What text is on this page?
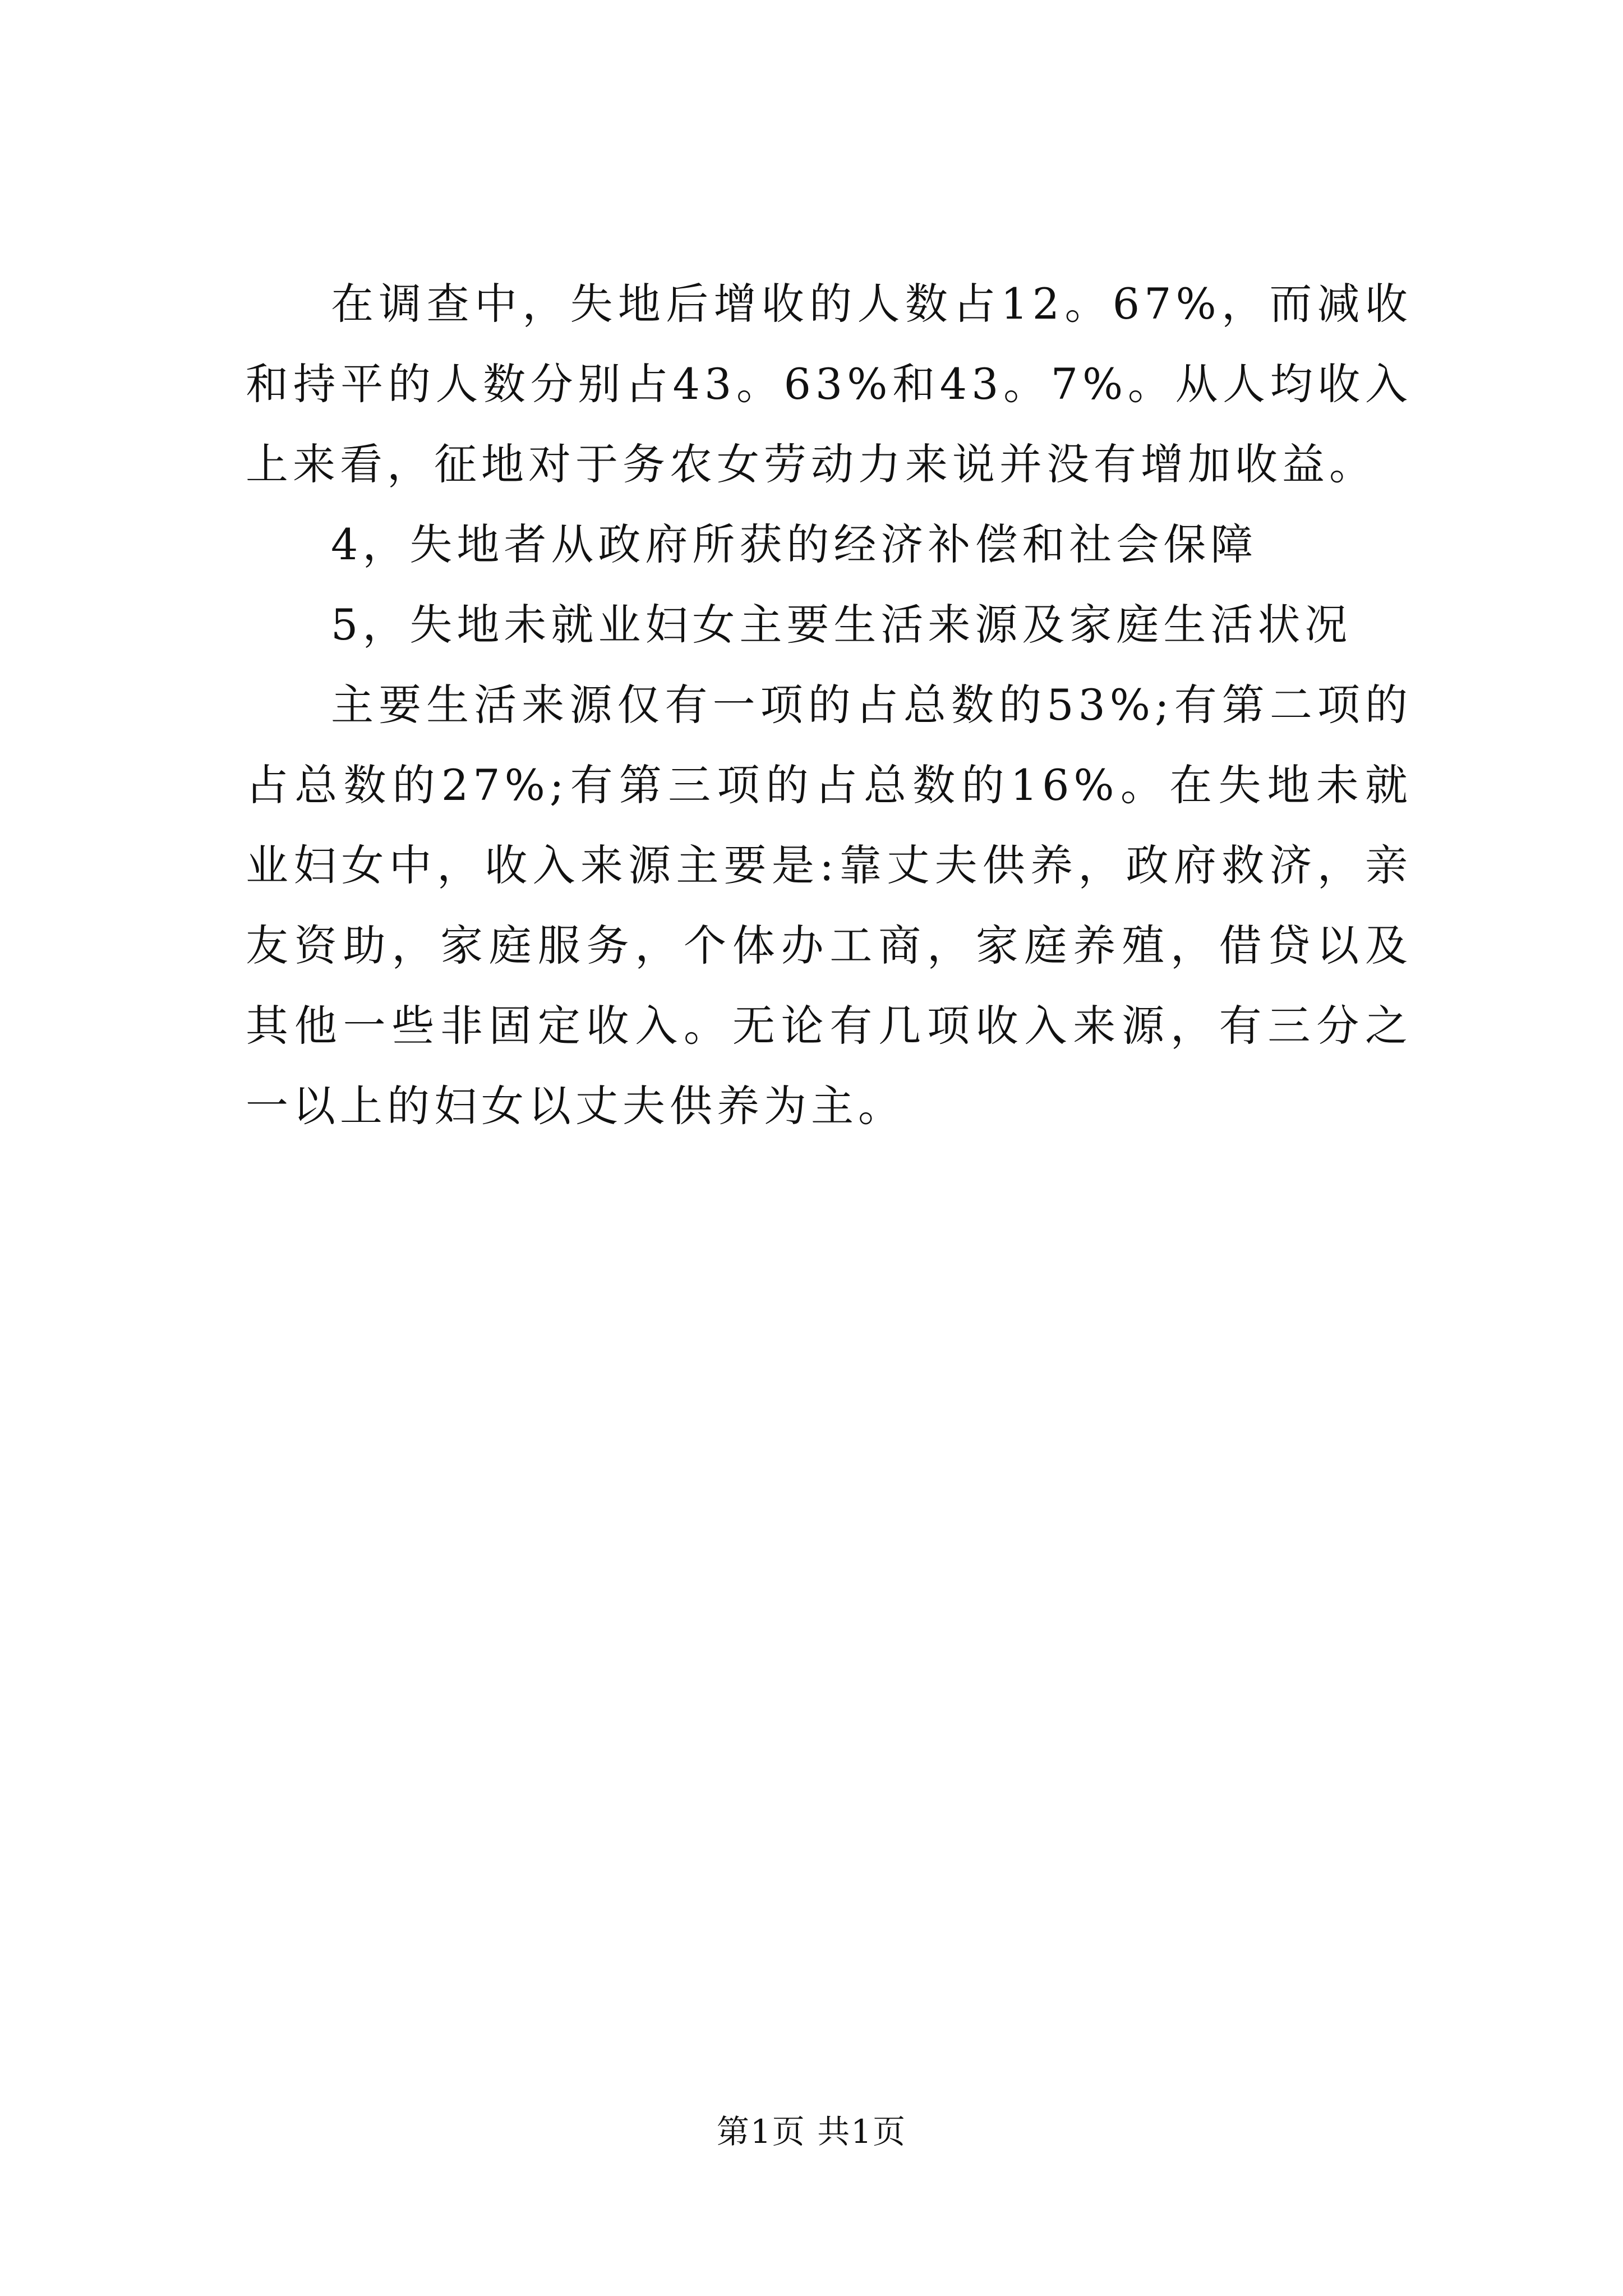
在调查中，失地后增收的人数占12。67%，而减收和持平的人数分别占43。63%和43。7%。从人均收入上来看，征地对于务农女劳动力来说并没有增加收益。

4，失地者从政府所获的经济补偿和社会保障

5，失地未就业妇女主要生活来源及家庭生活状况

主要生活来源仅有一项的占总数的53%;有第二项的占总数的27%;有第三项的占总数的16%。在失地未就业妇女中，收入来源主要是:靠丈夫供养，政府救济，亲友资助，家庭服务，个体办工商，家庭养殖，借贷以及其他一些非固定收入。无论有几项收入来源，有三分之一以上的妇女以丈夫供养为主。

第1页 共1页
